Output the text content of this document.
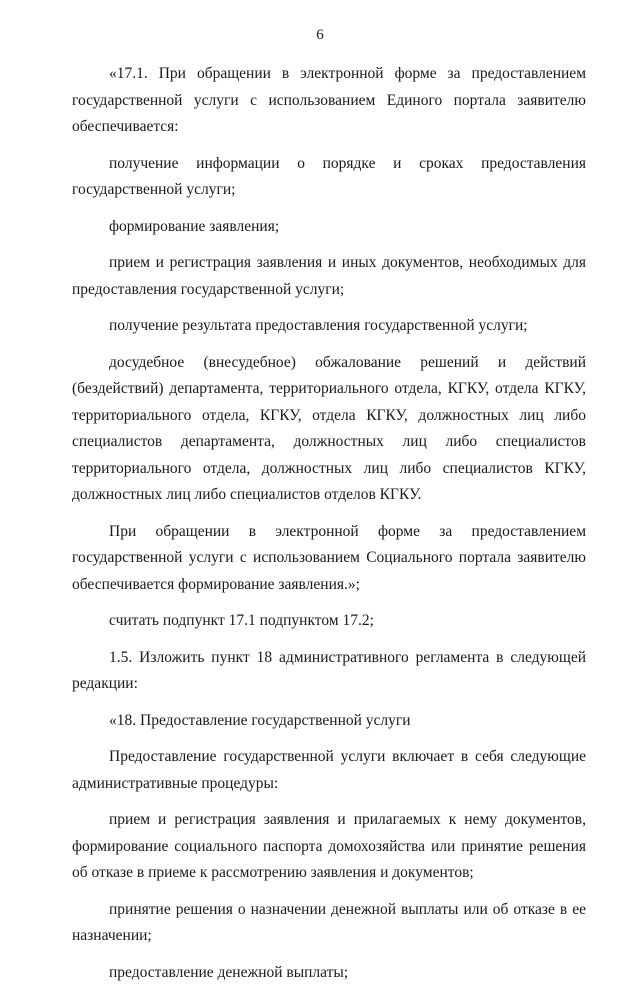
6

«17.1. При обращении в электронной форме за предоставлением государственной услуги с использованием Единого портала заявителю обеспечивается:

получение информации о порядке и сроках предоставления государственной услуги;

формирование заявления;

прием и регистрация заявления и иных документов, необходимых для предоставления государственной услуги;

получение результата предоставления государственной услуги;

досудебное (внесудебное) обжалование решений и действий (бездействий) департамента, территориального отдела, КГКУ, отдела КГКУ, территориального отдела, КГКУ, отдела КГКУ, должностных лиц либо специалистов департамента, должностных лиц либо специалистов территориального отдела, должностных лиц либо специалистов КГКУ, должностных лиц либо специалистов отделов КГКУ.

При обращении в электронной форме за предоставлением государственной услуги с использованием Социального портала заявителю обеспечивается формирование заявления.»;

считать подпункт 17.1 подпунктом 17.2;

1.5. Изложить пункт 18 административного регламента в следующей редакции:

«18. Предоставление государственной услуги

Предоставление государственной услуги включает в себя следующие административные процедуры:

прием и регистрация заявления и прилагаемых к нему документов, формирование социального паспорта домохозяйства или принятие решения об отказе в приеме к рассмотрению заявления и документов;

принятие решения о назначении денежной выплаты или об отказе в ее назначении;

предоставление денежной выплаты;
